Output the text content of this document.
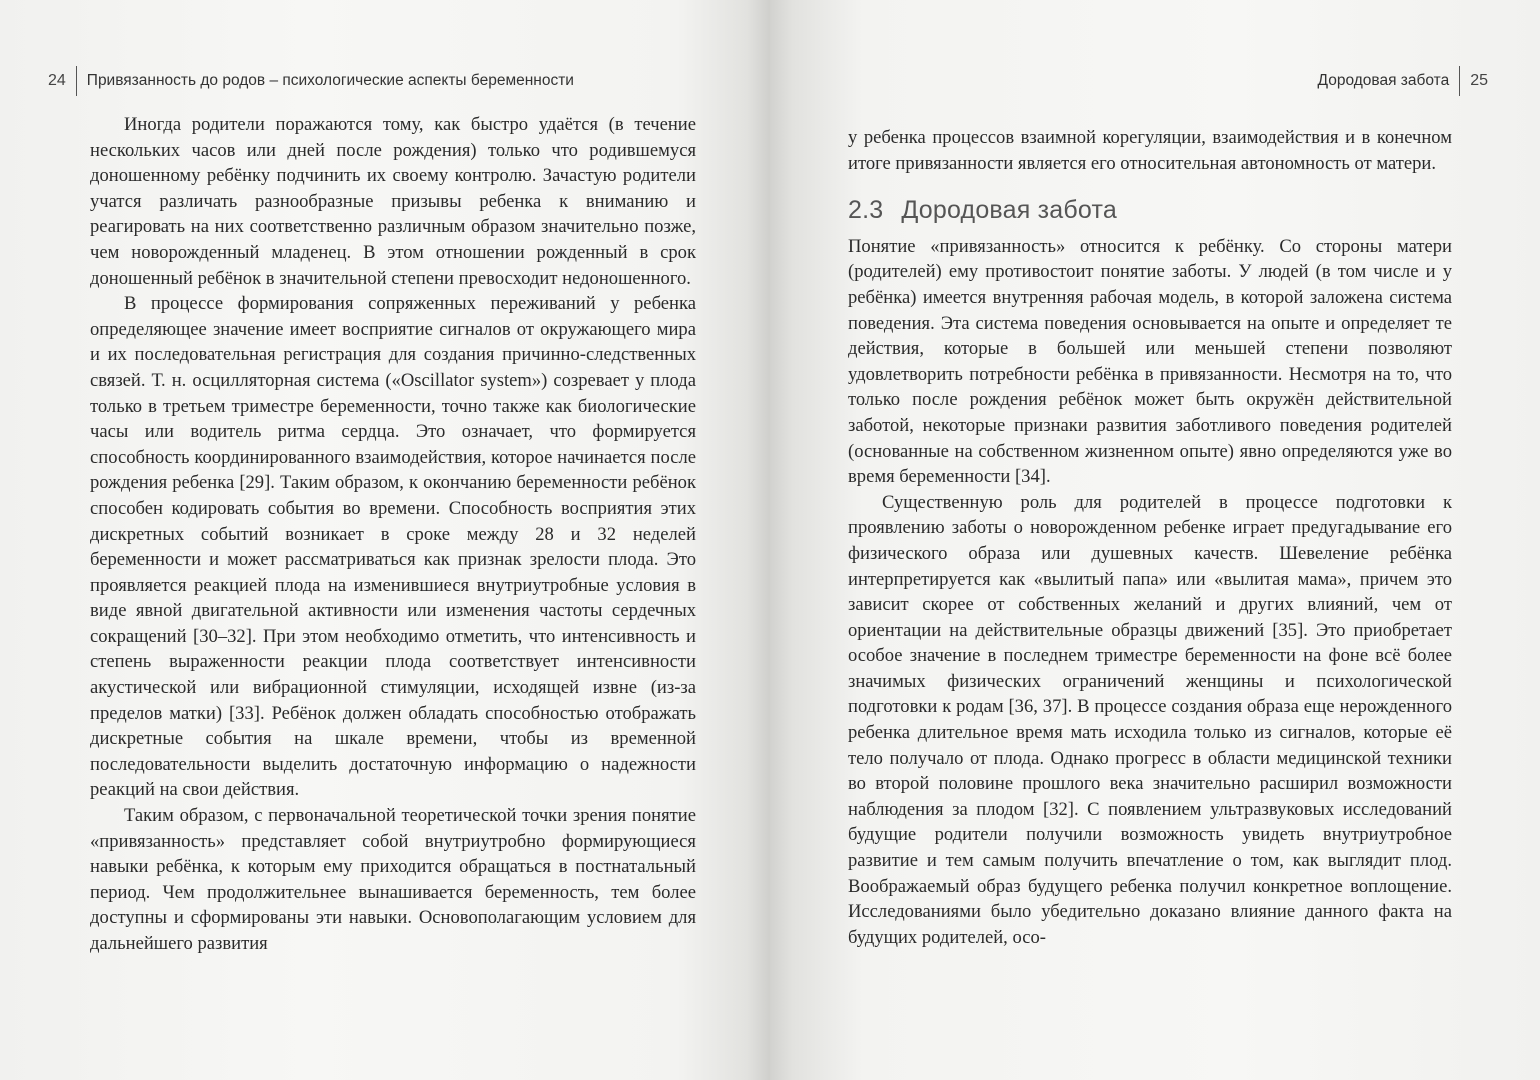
24 Привязанность до родов – психологические аспекты беременности

Иногда родители поражаются тому, как быстро удаётся (в течение нескольких часов или дней после рождения) только что родившемуся доношенному ребёнку подчинить их своему контролю. Зачастую родители учатся различать разнообразные призывы ребенка к вниманию и реагировать на них соответственно различным образом значительно позже, чем новорожденный младенец. В этом отношении рожденный в срок доношенный ребёнок в значительной степени превосходит недоношенного.

В процессе формирования сопряженных переживаний у ребенка определяющее значение имеет восприятие сигналов от окружающего мира и их последовательная регистрация для создания причинно-следственных связей. Т. н. осцилляторная система («Oscillator system») созревает у плода только в третьем триместре беременности, точно также как биологические часы или водитель ритма сердца. Это означает, что формируется способность координированного взаимодействия, которое начинается после рождения ребенка [29]. Таким образом, к окончанию беременности ребёнок способен кодировать события во времени. Способность восприятия этих дискретных событий возникает в сроке между 28 и 32 неделей беременности и может рассматриваться как признак зрелости плода. Это проявляется реакцией плода на изменившиеся внутриутробные условия в виде явной двигательной активности или изменения частоты сердечных сокращений [30–32]. При этом необходимо отметить, что интенсивность и степень выраженности реакции плода соответствует интенсивности акустической или вибрационной стимуляции, исходящей извне (из-за пределов матки) [33]. Ребёнок должен обладать способностью отображать дискретные события на шкале времени, чтобы из временной последовательности выделить достаточную информацию о надежности реакций на свои действия.

Таким образом, с первоначальной теоретической точки зрения понятие «привязанность» представляет собой внутриутробно формирующиеся навыки ребёнка, к которым ему приходится обращаться в постнатальный период. Чем продолжительнее вынашивается беременность, тем более доступны и сформированы эти навыки. Основополагающим условием для дальнейшего развития

Дородовая забота 25

у ребенка процессов взаимной корегуляции, взаимодействия и в конечном итоге привязанности является его относительная автономность от матери.

2.3 Дородовая забота

Понятие «привязанность» относится к ребёнку. Со стороны матери (родителей) ему противостоит понятие заботы. У людей (в том числе и у ребёнка) имеется внутренняя рабочая модель, в которой заложена система поведения. Эта система поведения основывается на опыте и определяет те действия, которые в большей или меньшей степени позволяют удовлетворить потребности ребёнка в привязанности. Несмотря на то, что только после рождения ребёнок может быть окружён действительной заботой, некоторые признаки развития заботливого поведения родителей (основанные на собственном жизненном опыте) явно определяются уже во время беременности [34].

Существенную роль для родителей в процессе подготовки к проявлению заботы о новорожденном ребенке играет предугадывание его физического образа или душевных качеств. Шевеление ребёнка интерпретируется как «вылитый папа» или «вылитая мама», причем это зависит скорее от собственных желаний и других влияний, чем от ориентации на действительные образцы движений [35]. Это приобретает особое значение в последнем триместре беременности на фоне всё более значимых физических ограничений женщины и психологической подготовки к родам [36, 37]. В процессе создания образа еще нерожденного ребенка длительное время мать исходила только из сигналов, которые её тело получало от плода. Однако прогресс в области медицинской техники во второй половине прошлого века значительно расширил возможности наблюдения за плодом [32]. С появлением ультразвуковых исследований будущие родители получили возможность увидеть внутриутробное развитие и тем самым получить впечатление о том, как выглядит плод. Воображаемый образ будущего ребенка получил конкретное воплощение. Исследованиями было убедительно доказано влияние данного факта на будущих родителей, осо-
